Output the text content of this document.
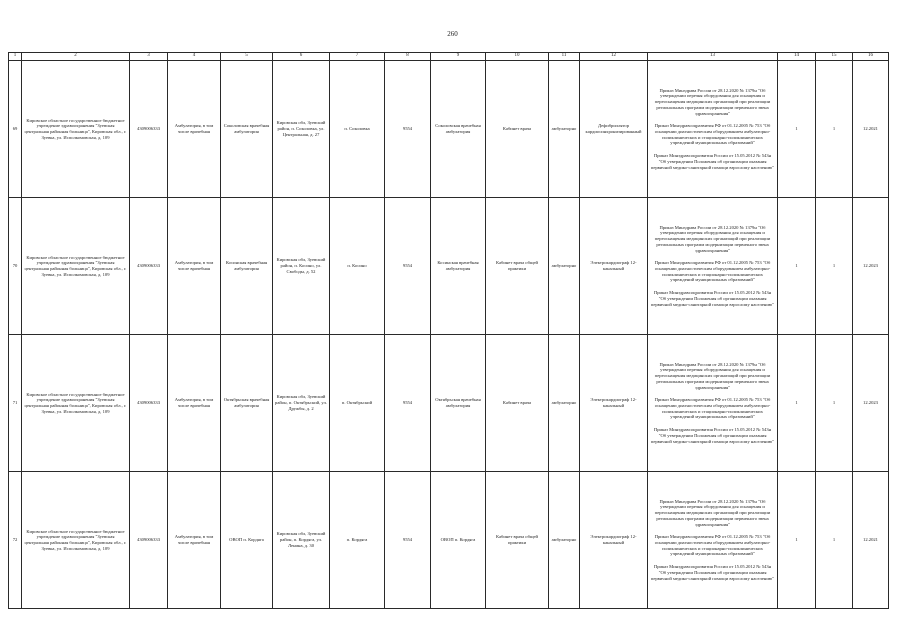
260
1	2	3	4	5	6	7	8	9	10	11	12	13	14	15	16
69	Кировское областное государственное бюджетное учреждение здравоохранения "Зуевская центральная районная больница", Кировская обл., г. Зуевка, ул. Исполкомовская, д. 109	4309006333	Амбулатория, в том числе врачебная	Соколовская врачебная амбулатория	Кировская обл, Зуевский район, п. Соколовка, ул. Центральная, д. 27	п. Соколовка	9554	Соколовская врачебная амбулатория	Кабинет врача	амбулаторно	Дефибриллятор кардиосинхронизированный	Приказ Минздрава России от 28.12.2020 № 1379н "Об утверждении перечня оборудования для оснащения и переоснащения медицинских организаций при реализации региональных программ модернизации первичного звена здравоохранения"

Приказ Минздравсоцразвития РФ от 01.12.2005 № 753 "Об оснащении диагностическим оборудованием амбулаторно-поликлинических и стационарно-поликлинических учреждений муниципальных образований"

Приказ Минздравсоцразвития России от 15.05.2012 № 543н "Об утверждении Положения об организации оказания первичной медико-санитарной помощи взрослому населению"	1	1	12.2021
70	Кировское областное государственное бюджетное учреждение здравоохранения "Зуевская центральная районная больница", Кировская обл., г. Зуевка, ул. Исполкомовская, д. 109	4309006333	Амбулатория, в том числе врачебная	Косинская врачебная амбулатория	Кировская обл, Зуевский район, п. Косино, ул. Свободы, д. 52	п. Косино	9554	Косинская врачебная амбулатория	Кабинет врача общей практики	амбулаторно	Электрокардиограф 12-канальный	Приказ Минздрава России от 28.12.2020 № 1379н "Об утверждении перечня оборудования для оснащения и переоснащения медицинских организаций при реализации региональных программ модернизации первичного звена здравоохранения"

Приказ Минздравсоцразвития РФ от 01.12.2005 № 753 "Об оснащении диагностическим оборудованием амбулаторно-поликлинических и стационарно-поликлинических учреждений муниципальных образований"

Приказ Минздравсоцразвития России от 15.05.2012 № 543н "Об утверждении Положения об организации оказания первичной медико-санитарной помощи взрослому населению"	1	1	12.2023
71	Кировское областное государственное бюджетное учреждение здравоохранения "Зуевская центральная районная больница", Кировская обл., г. Зуевка, ул. Исполкомовская, д. 109	4309006333	Амбулатория, в том числе врачебная	Октябрьская врачебная амбулатория	Кировская обл, Зуевский район, п. Октябрьский, ул. Дружбы, д. 2	п. Октябрьский	9554	Октябрьская врачебная амбулатория	Кабинет врача	амбулаторно	Электрокардиограф 12-канальный	Приказ Минздрава России от 28.12.2020 № 1379н "Об утверждении перечня оборудования для оснащения и переоснащения медицинских организаций при реализации региональных программ модернизации первичного звена здравоохранения"

Приказ Минздравсоцразвития РФ от 01.12.2005 № 753 "Об оснащении диагностическим оборудованием амбулаторно-поликлинических и стационарно-поликлинических учреждений муниципальных образований"

Приказ Минздравсоцразвития России от 15.05.2012 № 543н "Об утверждении Положения об организации оказания первичной медико-санитарной помощи взрослому населению"	1	1	12.2023
72	Кировское областное государственное бюджетное учреждение здравоохранения "Зуевская центральная районная больница", Кировская обл., г. Зуевка, ул. Исполкомовская, д. 109	4309006333	Амбулатория, в том числе врачебная	ОВОП п. Кордяга	Кировская обл, Зуевский район, п. Кордяга, ул. Ленина, д. 30	п. Кордяга	9554	ОВОП п. Кордяга	Кабинет врача общей практики	амбулаторно	Электрокардиограф 12-канальный	Приказ Минздрава России от 28.12.2020 № 1379н "Об утверждении перечня оборудования для оснащения и переоснащения медицинских организаций при реализации региональных программ модернизации первичного звена здравоохранения"

Приказ Минздравсоцразвития РФ от 01.12.2005 № 753 "Об оснащении диагностическим оборудованием амбулаторно-поликлинических и стационарно-поликлинических учреждений муниципальных образований"

Приказ Минздравсоцразвития России от 15.05.2012 № 543н "Об утверждении Положения об организации оказания первичной медико-санитарной помощи взрослому населению"	1	1	12.2021
